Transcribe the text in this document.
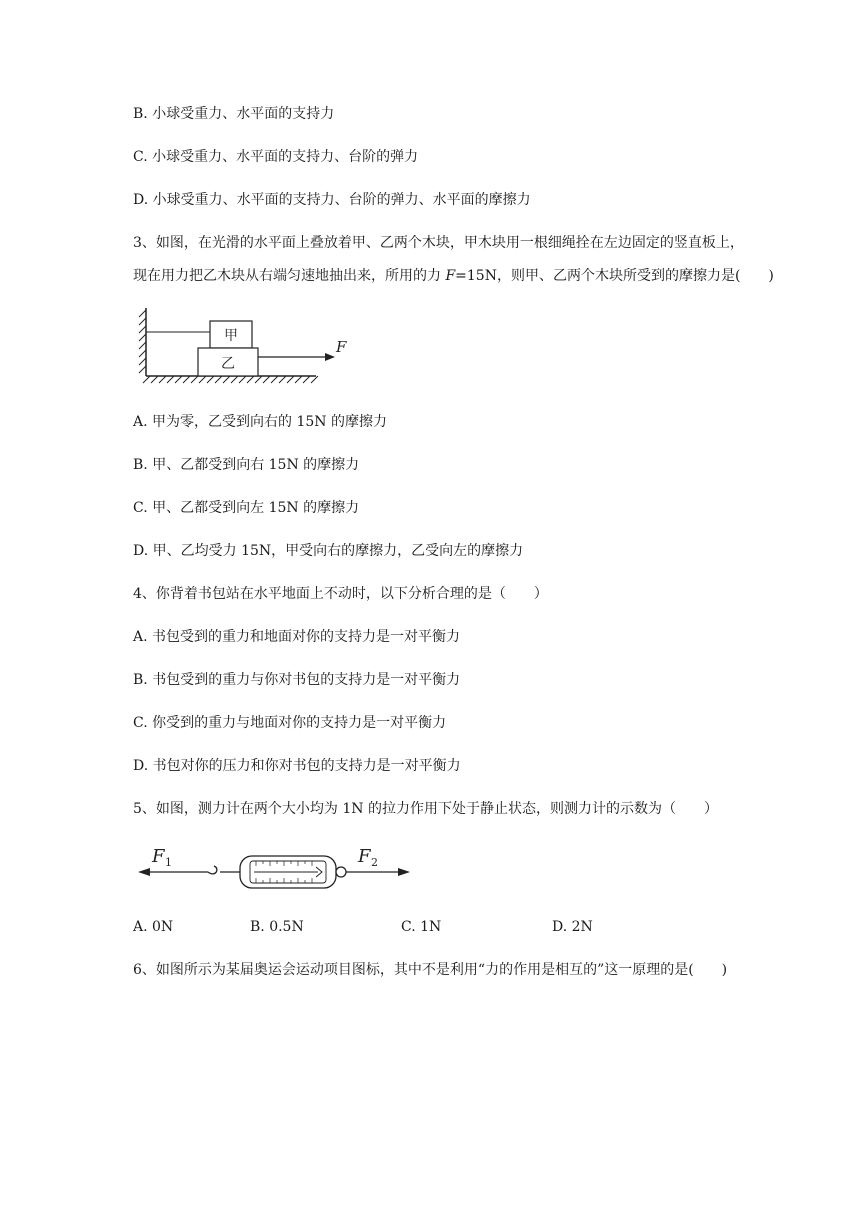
B. 小球受重力、水平面的支持力
C. 小球受重力、水平面的支持力、台阶的弹力
D. 小球受重力、水平面的支持力、台阶的弹力、水平面的摩擦力
3、如图，在光滑的水平面上叠放着甲、乙两个木块，甲木块用一根细绳拴在左边固定的竖直板上，
现在用力把乙木块从右端匀速地抽出来，所用的力 F=15N，则甲、乙两个木块所受到的摩擦力是(　　)
甲
乙
F
A. 甲为零，乙受到向右的 15N 的摩擦力
B. 甲、乙都受到向右 15N 的摩擦力
C. 甲、乙都受到向左 15N 的摩擦力
D. 甲、乙均受力 15N，甲受向右的摩擦力，乙受向左的摩擦力
4、你背着书包站在水平地面上不动时，以下分析合理的是（　　）
A. 书包受到的重力和地面对你的支持力是一对平衡力
B. 书包受到的重力与你对书包的支持力是一对平衡力
C. 你受到的重力与地面对你的支持力是一对平衡力
D. 书包对你的压力和你对书包的支持力是一对平衡力
5、如图，测力计在两个大小均为 1N 的拉力作用下处于静止状态，则测力计的示数为（　　）
F 1	F 2
A. 0N	B. 0.5N	C. 1N	D. 2N
6、如图所示为某届奥运会运动项目图标，其中不是利用“力的作用是相互的”这一原理的是(　　)
